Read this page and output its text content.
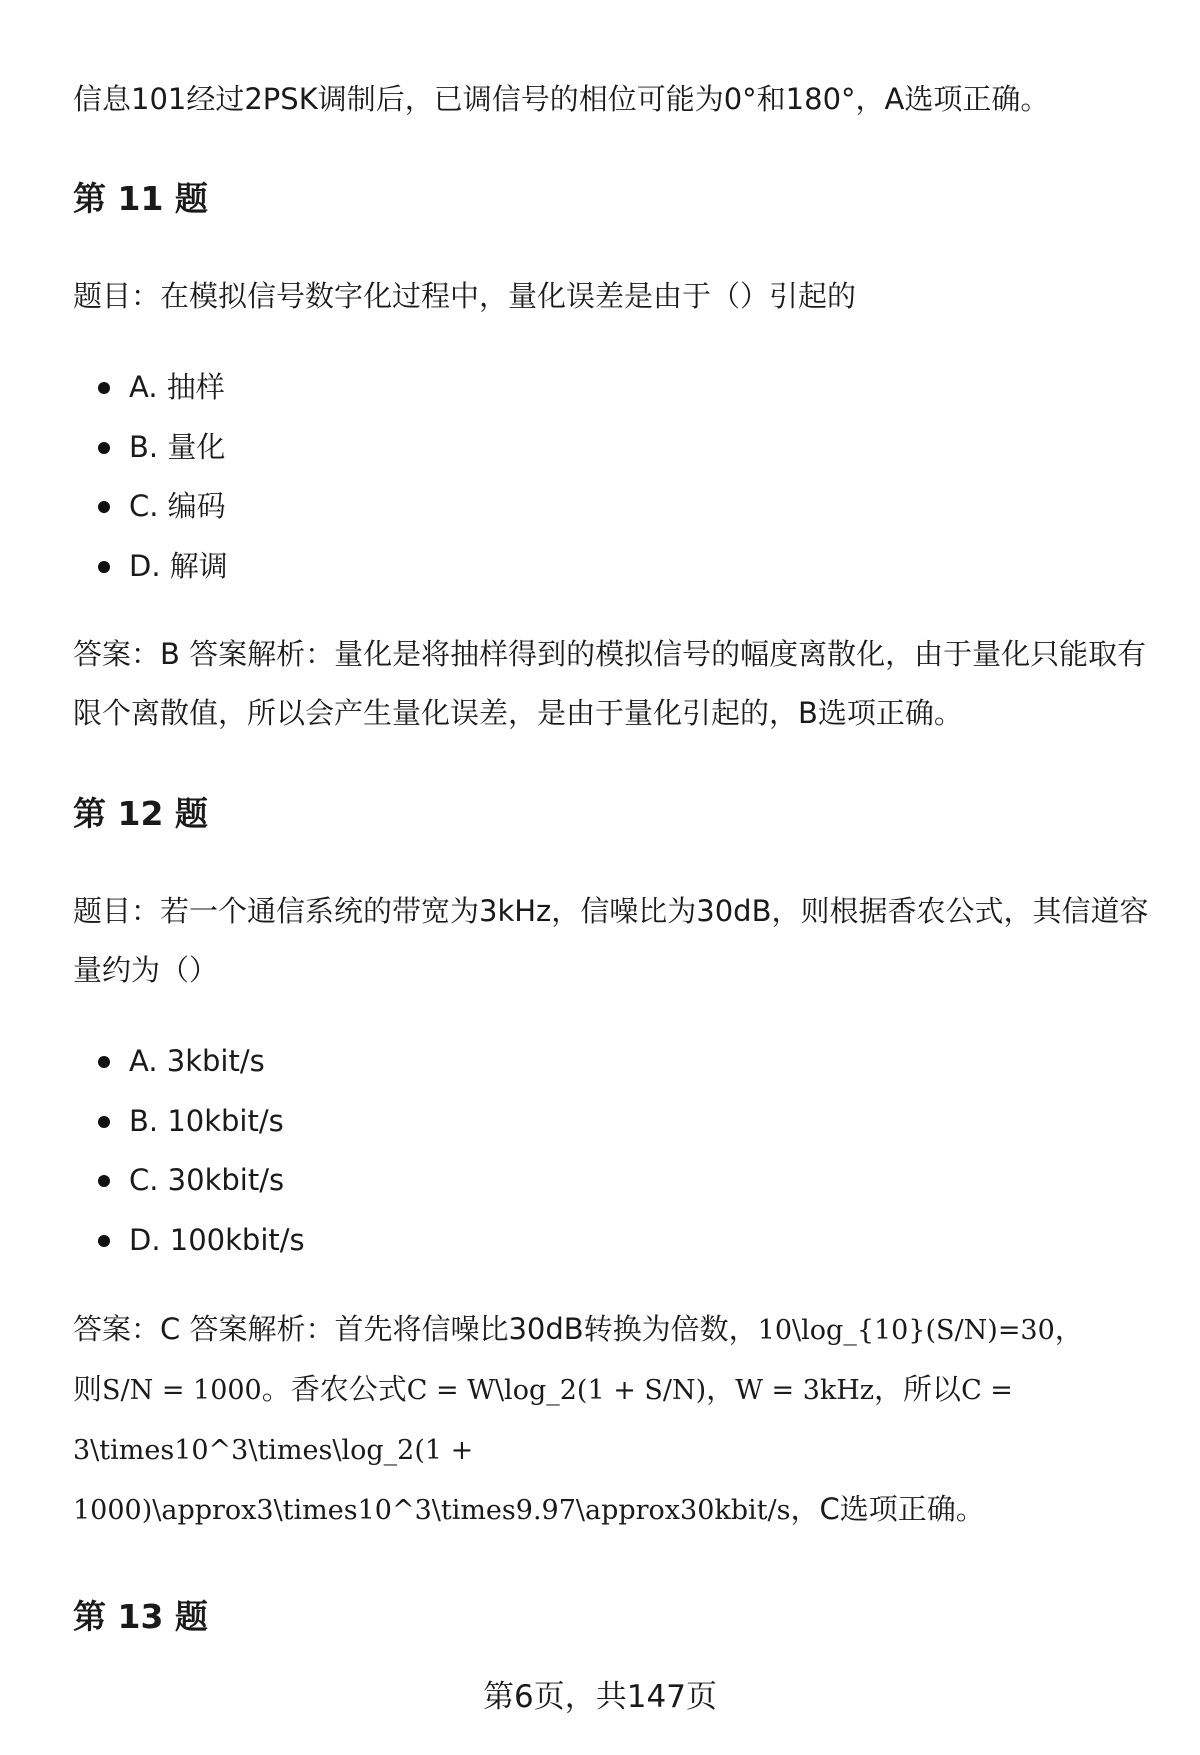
信息101经过2PSK调制后，已调信号的相位可能为0°和180°，A选项正确。

第 11 题

题目：在模拟信号数字化过程中，量化误差是由于（）引起的

A. 抽样
B. 量化
C. 编码
D. 解调

答案：B 答案解析：量化是将抽样得到的模拟信号的幅度离散化，由于量化只能取有限个离散值，所以会产生量化误差，是由于量化引起的，B选项正确。

第 12 题

题目：若一个通信系统的带宽为3kHz，信噪比为30dB，则根据香农公式，其信道容量约为（）

A. 3kbit/s
B. 10kbit/s
C. 30kbit/s
D. 100kbit/s

答案：C 答案解析：首先将信噪比30dB转换为倍数，10\log_{10}(S/N)=30，

则S/N = 1000。香农公式C = W\log_2(1 + S/N)，W = 3kHz，所以C =

3\times10^3\times\log_2(1 +

1000)\approx3\times10^3\times9.97\approx30kbit/s，C选项正确。

第 13 题
第6页，共147页
